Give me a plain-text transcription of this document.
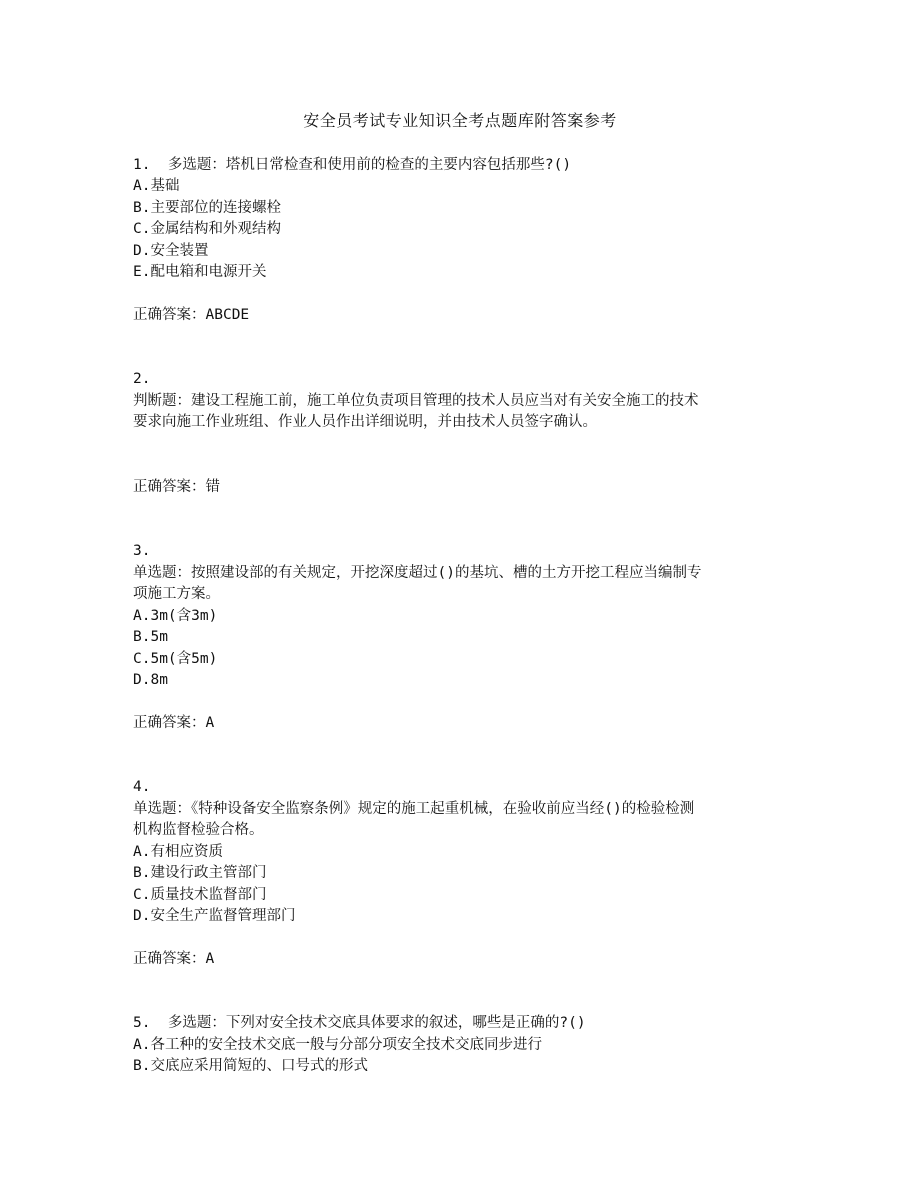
安全员考试专业知识全考点题库附答案参考
1.  多选题：塔机日常检查和使用前的检查的主要内容包括那些?()
A.基础
B.主要部位的连接螺栓
C.金属结构和外观结构
D.安全装置
E.配电箱和电源开关
正确答案：ABCDE
2.
判断题：建设工程施工前，施工单位负责项目管理的技术人员应当对有关安全施工的技术
要求向施工作业班组、作业人员作出详细说明，并由技术人员签字确认。
正确答案：错
3.
单选题：按照建设部的有关规定，开挖深度超过()的基坑、槽的土方开挖工程应当编制专
项施工方案。
A.3m(含3m)
B.5m
C.5m(含5m)
D.8m
正确答案：A
4.
单选题：《特种设备安全监察条例》规定的施工起重机械，在验收前应当经()的检验检测
机构监督检验合格。
A.有相应资质
B.建设行政主管部门
C.质量技术监督部门
D.安全生产监督管理部门
正确答案：A
5.  多选题：下列对安全技术交底具体要求的叙述，哪些是正确的?()
A.各工种的安全技术交底一般与分部分项安全技术交底同步进行
B.交底应采用简短的、口号式的形式
